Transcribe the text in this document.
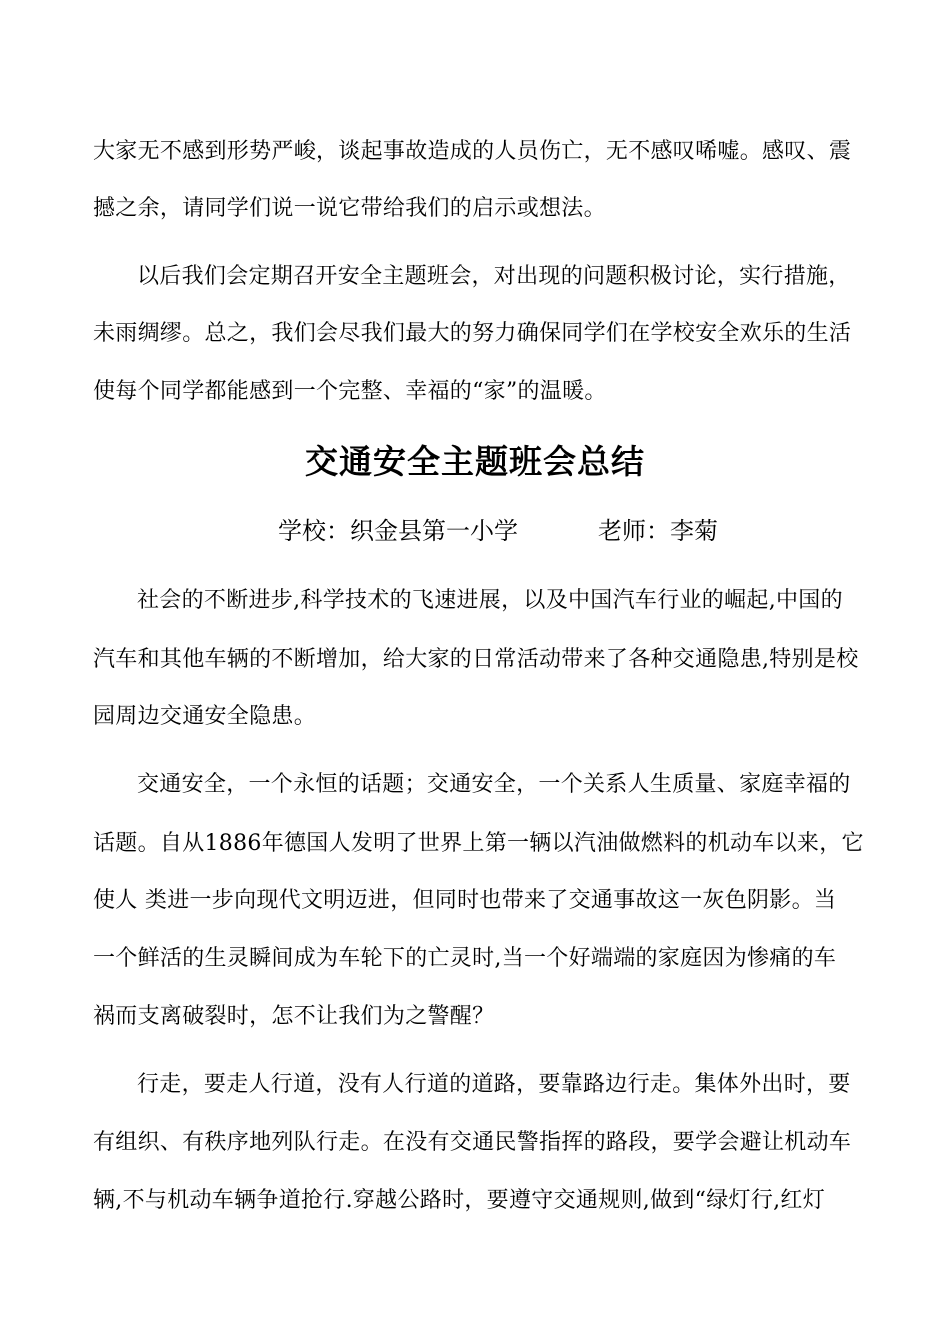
大家无不感到形势严峻，谈起事故造成的人员伤亡，无不感叹唏嘘。感叹、震
撼之余，请同学们说一说它带给我们的启示或想法。
以后我们会定期召开安全主题班会，对出现的问题积极讨论，实行措施，
未雨绸缪。总之，我们会尽我们最大的努力确保同学们在学校安全欢乐的生活
使每个同学都能感到一个完整、幸福的“家”的温暖。
交通安全主题班会总结
学校：织金县第一小学	老师：李菊
社会的不断进步,科学技术的飞速进展，以及中国汽车行业的崛起,中国的
汽车和其他车辆的不断增加，给大家的日常活动带来了各种交通隐患,特别是校
园周边交通安全隐患。
交通安全，一个永恒的话题；交通安全，一个关系人生质量、家庭幸福的
话题。自从1886年德国人发明了世界上第一辆以汽油做燃料的机动车以来，它
使人 类进一步向现代文明迈进，但同时也带来了交通事故这一灰色阴影。当
一个鲜活的生灵瞬间成为车轮下的亡灵时,当一个好端端的家庭因为惨痛的车
祸而支离破裂时，怎不让我们为之警醒？
行走，要走人行道，没有人行道的道路，要靠路边行走。集体外出时，要
有组织、有秩序地列队行走。在没有交通民警指挥的路段，要学会避让机动车
辆,不与机动车辆争道抢行.穿越公路时，要遵守交通规则,做到“绿灯行,红灯
